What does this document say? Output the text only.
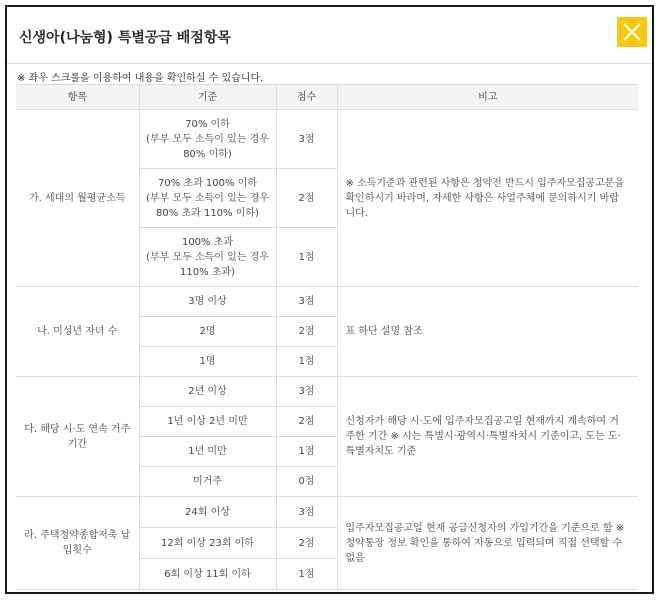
신생아(나눔형) 특별공급 배점항목
※ 좌우 스크롤을 이용하여 내용을 확인하실 수 있습니다.
항목	기준	점수	비고
가. 세대의 월평균소득	70% 이하
(부부 모두 소득이 있는 경우
80% 이하)	3점	※ 소득기준과 관련된 사항은 청약전 반드시 입주자모집공고문을 확인하시기 바라며, 자세한 사항은 사업주체에 문의하시기 바랍니다.

	70% 초과 100% 이하
(부부 모두 소득이 있는 경우
80% 초과 110% 이하)	2점	

	100% 초과
(부부 모두 소득이 있는 경우
110% 초과)	1점	
나. 미성년 자녀 수	3명 이상	3점	표 하단 설명 참조
	2명	2점	
	1명	1점	
다. 해당 시·도 연속 거주기간	2년 이상	3점	신청자가 해당 시·도에 입주자모집공고일 현재까지 계속하여 거주한 기간 ※ 시는 특별시·광역시·특별자치시 기준이고, 도는 도·특별자치도 기준
	1년 이상 2년 미만	2점	
	1년 미만	1점	
	미거주	0점	
라. 주택청약종합저축 납입횟수	24회 이상	3점	입주자모집공고일 현재 공급신청자의 가입기간을 기준으로 함 ※ 청약통장 정보 확인을 통하여 자동으로 입력되며 직접 선택할 수 없음
	12회 이상 23회 이하	2점	
	6회 이상 11회 이하	1점	
